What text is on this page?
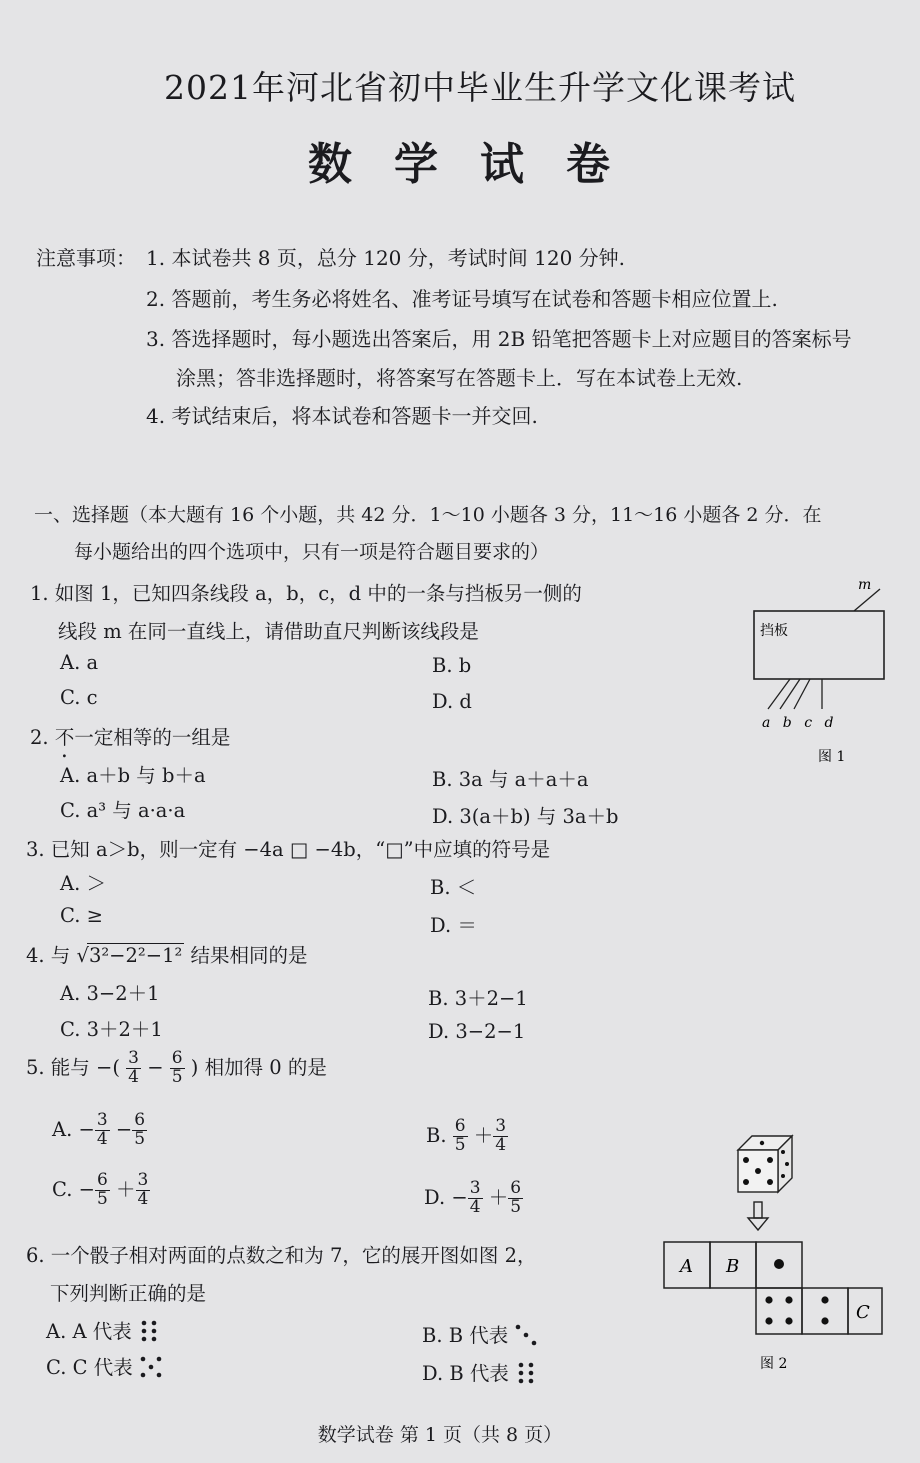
2021年河北省初中毕业生升学文化课考试
数学试卷
注意事项： 1. 本试卷共 8 页，总分 120 分，考试时间 120 分钟.
2. 答题前，考生务必将姓名、准考证号填写在试卷和答题卡相应位置上.
3. 答选择题时，每小题选出答案后，用 2B 铅笔把答题卡上对应题目的答案标号
涂黑；答非选择题时，将答案写在答题卡上．写在本试卷上无效.
4. 考试结束后，将本试卷和答题卡一并交回.
一、选择题（本大题有 16 个小题，共 42 分．1～10 小题各 3 分，11～16 小题各 2 分．在
每小题给出的四个选项中，只有一项是符合题目要求的）
1. 如图 1，已知四条线段 a，b，c，d 中的一条与挡板另一侧的
线段 m 在同一直线上，请借助直尺判断该线段是
A. a	B. b
C. c	D. d
m
挡板
a b c d
图 1
2. 不一定相等的一组是
A. a＋b 与 b＋a	B. 3a 与 a＋a＋a
C. a³ 与 a·a·a	D. 3(a＋b) 与 3a＋b
3. 已知 a＞b，则一定有 −4a □ −4b，“□”中应填的符号是
A. ＞	B. ＜
C. ≥	D. ＝
4. 与 √3²−2²−1² 结果相同的是
A. 3−2＋1	B. 3＋2−1
C. 3＋2＋1	D. 3−2−1
5. 能与 −( $\frac{3}{4} - \frac{6}{5}$ ) 相加得 0 的是
A. − $\frac{3}{4} - \frac{6}{5}$	B. $\frac{6}{5} + \frac{3}{4}$
C. − $\frac{6}{5} + \frac{3}{4}$	D. − $\frac{3}{4} + \frac{6}{5}$
6. 一个骰子相对两面的点数之和为 7，它的展开图如图 2，
下列判断正确的是
A. A 代表	B. B 代表
C. C 代表	D. B 代表
A B
C
图 2
数学试卷 第 1 页（共 8 页）
